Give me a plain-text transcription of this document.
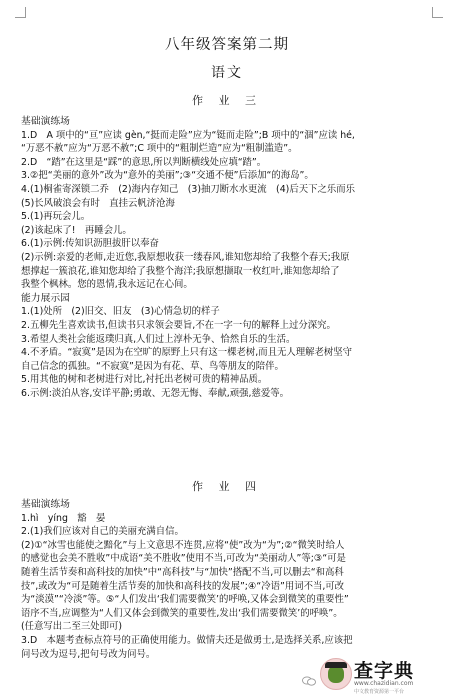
八年级答案第二期
语文
作 业 三

基础演练场

1.D　A 项中的“亘”应读 gèn,“挺而走险”应为“铤而走险”;B 项中的“涸”应读 hé,

“万恶不赦”应为“万恶不赦”;C 项中的“粗制烂造”应为“粗制滥造”。

2.D　“踏”在这里是“踩”的意思,所以判断横线处应填“踏”。

3.②把“美丽的意外”改为“意外的美丽”;③“交通不便”后添加“的海岛”。

4.(1)桐雀寄深锁二乔　(2)海内存知己　(3)抽刀断水水更流　(4)后天下之乐而乐

(5)长风破浪会有时　直挂云帆济沧海

5.(1)再玩会儿。

(2)该起床了!　再睡会儿。

6.(1)示例:传知识沥胆拔肝以奉奋

(2)示例:亲爱的老师,走近您,我原想收获一缕春风,谁知您却给了我整个春天;我原

想撑起一簇浪花,谁知您却给了我整个海洋;我原想撷取一枚红叶,谁知您却给了

我整个枫林。您的恩情,我永远记在心间。

能力展示园

1.(1)处所　(2)旧交、旧友　(3)心情急切的样子

2.五柳先生喜欢读书,但读书只求领会要旨,不在一字一句的解释上过分深究。

3.希望人类社会能返璞归真,人们过上淳朴无争、恰然自乐的生活。

4.不矛盾。“寂寞”是因为在空旷的原野上只有这一棵老树,而且无人理解老树坚守

自己信念的孤独。“不寂寞”是因为有花、草、鸟等朋友的陪伴。

5.用其他的树和老树进行对比,衬托出老树可贵的精神品质。

6.示例:淡泊从容,安详平静;勇敢、无怨无悔、奉献,顽强,慈爱等。

作 业 四

基础演练场

1.hì　yíng　豁　晏

2.(1)我们应该对自己的美丽充满自信。

(2)①“冰雪也能使之黯化”与上文意思不连贯,应将“使”改为“为”;②“微笑时给人

的感觉也会美不胜收”中成语“美不胜收”使用不当,可改为“美丽动人”等;③“可是

随着生活节奏和高科技的加快”中“高科技”与“加快”搭配不当,可以删去“和高科

技”,或改为“可是随着生活节奏的加快和高科技的发展”;④“冷语”用词不当,可改

为“淡漠”“冷淡”等。⑤“人们发出‘我们需要微笑’的呼唤,又体会到微笑的重要性”

语序不当,应调整为“人们又体会到微笑的重要性,发出‘我们需要微笑’的呼唤”。

(任意写出二至三处即可)

3.D　本题考查标点符号的正确使用能力。做情夫还是做勇士,是选择关系,应该把

问号改为逗号,把句号改为问号。

查字典
www.chazidian.com
中文教育资源第一平台
